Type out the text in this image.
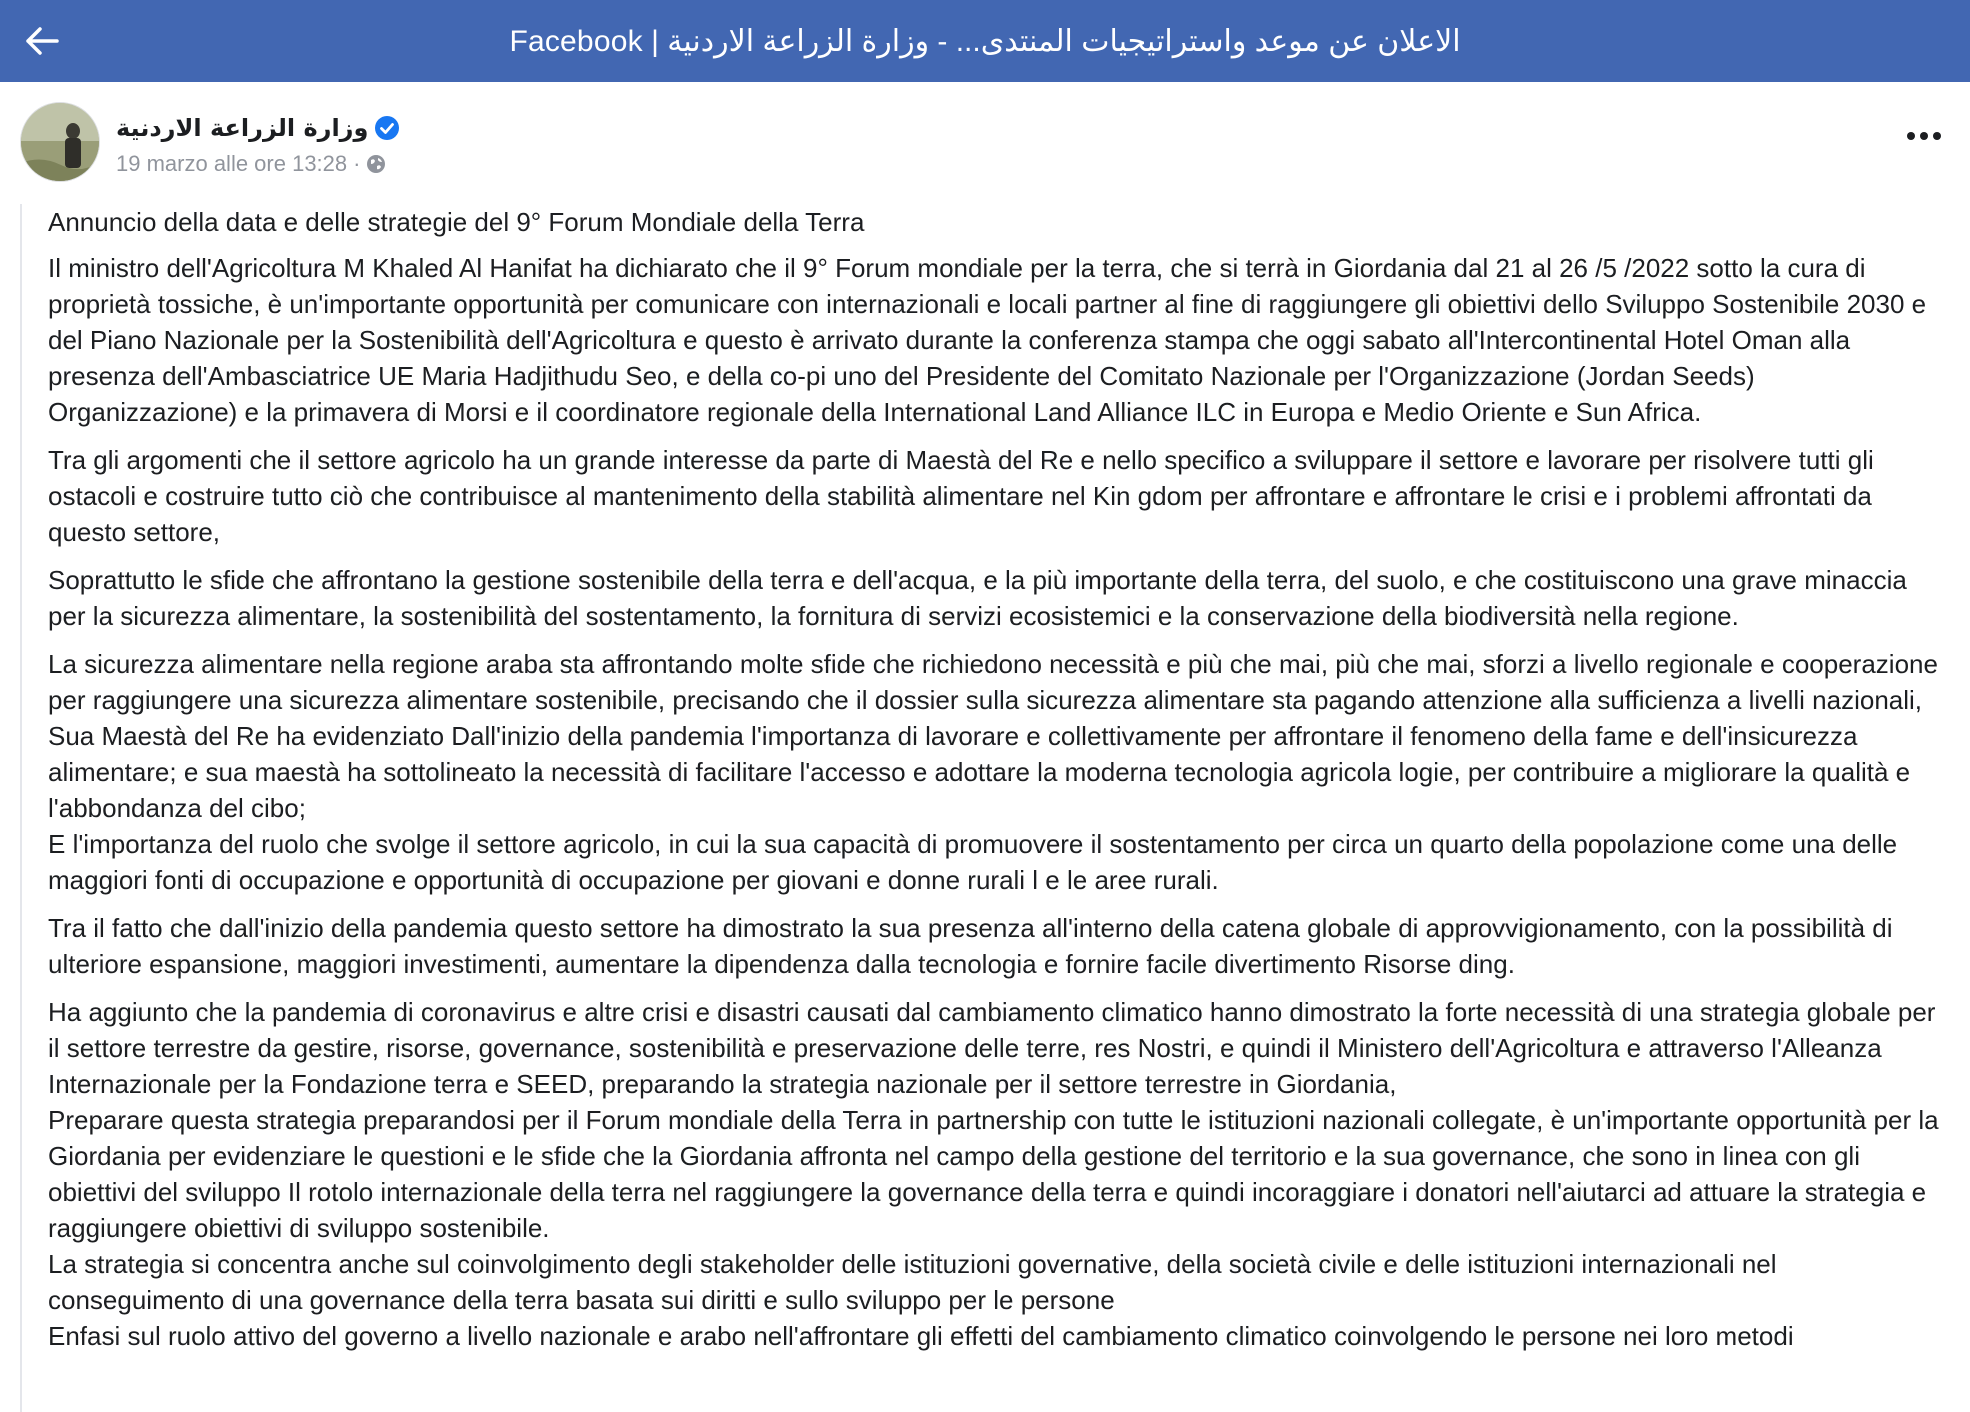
الاعلان عن موعد واستراتيجيات المنتدى... - وزارة الزراعة الاردنية | Facebook
وزارة الزراعة الاردنية
19 marzo alle ore 13:28 ·

Annuncio della data e delle strategie del 9° Forum Mondiale della Terra

Il ministro dell'Agricoltura M Khaled Al Hanifat ha dichiarato che il 9° Forum mondiale per la terra, che si terrà in Giordania dal 21 al 26 /5 /2022 sotto la cura di proprietà tossiche, è un'importante opportunità per comunicare con internazionali e locali partner al fine di raggiungere gli obiettivi dello Sviluppo Sostenibile 2030 e del Piano Nazionale per la Sostenibilità dell'Agricoltura e questo è arrivato durante la conferenza stampa che oggi sabato all'Intercontinental Hotel Oman alla presenza dell'Ambasciatrice UE Maria Hadjithudu Seo, e della co-pi uno del Presidente del Comitato Nazionale per l'Organizzazione (Jordan Seeds) Organizzazione) e la primavera di Morsi e il coordinatore regionale della International Land Alliance ILC in Europa e Medio Oriente e Sun Africa.

Tra gli argomenti che il settore agricolo ha un grande interesse da parte di Maestà del Re e nello specifico a sviluppare il settore e lavorare per risolvere tutti gli ostacoli e costruire tutto ciò che contribuisce al mantenimento della stabilità alimentare nel Kin gdom per affrontare e affrontare le crisi e i problemi affrontati da questo settore,

Soprattutto le sfide che affrontano la gestione sostenibile della terra e dell'acqua, e la più importante della terra, del suolo, e che costituiscono una grave minaccia per la sicurezza alimentare, la sostenibilità del sostentamento, la fornitura di servizi ecosistemici e la conservazione della biodiversità nella regione.

La sicurezza alimentare nella regione araba sta affrontando molte sfide che richiedono necessità e più che mai, più che mai, sforzi a livello regionale e cooperazione per raggiungere una sicurezza alimentare sostenibile, precisando che il dossier sulla sicurezza alimentare sta pagando attenzione alla sufficienza a livelli nazionali, Sua Maestà del Re ha evidenziato Dall'inizio della pandemia l'importanza di lavorare e collettivamente per affrontare il fenomeno della fame e dell'insicurezza alimentare; e sua maestà ha sottolineato la necessità di facilitare l'accesso e adottare la moderna tecnologia agricola logie, per contribuire a migliorare la qualità e l'abbondanza del cibo;

E l'importanza del ruolo che svolge il settore agricolo, in cui la sua capacità di promuovere il sostentamento per circa un quarto della popolazione come una delle maggiori fonti di occupazione e opportunità di occupazione per giovani e donne rurali l e le aree rurali.

Tra il fatto che dall'inizio della pandemia questo settore ha dimostrato la sua presenza all'interno della catena globale di approvvigionamento, con la possibilità di ulteriore espansione, maggiori investimenti, aumentare la dipendenza dalla tecnologia e fornire facile divertimento Risorse ding.

Ha aggiunto che la pandemia di coronavirus e altre crisi e disastri causati dal cambiamento climatico hanno dimostrato la forte necessità di una strategia globale per il settore terrestre da gestire, risorse, governance, sostenibilità e preservazione delle terre, res Nostri, e quindi il Ministero dell'Agricoltura e attraverso l'Alleanza Internazionale per la Fondazione terra e SEED, preparando la strategia nazionale per il settore terrestre in Giordania,

Preparare questa strategia preparandosi per il Forum mondiale della Terra in partnership con tutte le istituzioni nazionali collegate, è un'importante opportunità per la Giordania per evidenziare le questioni e le sfide che la Giordania affronta nel campo della gestione del territorio e la sua governance, che sono in linea con gli obiettivi del sviluppo Il rotolo internazionale della terra nel raggiungere la governance della terra e quindi incoraggiare i donatori nell'aiutarci ad attuare la strategia e raggiungere obiettivi di sviluppo sostenibile.

La strategia si concentra anche sul coinvolgimento degli stakeholder delle istituzioni governative, della società civile e delle istituzioni internazionali nel conseguimento di una governance della terra basata sui diritti e sullo sviluppo per le persone

Enfasi sul ruolo attivo del governo a livello nazionale e arabo nell'affrontare gli effetti del cambiamento climatico coinvolgendo le persone nei loro metodi
